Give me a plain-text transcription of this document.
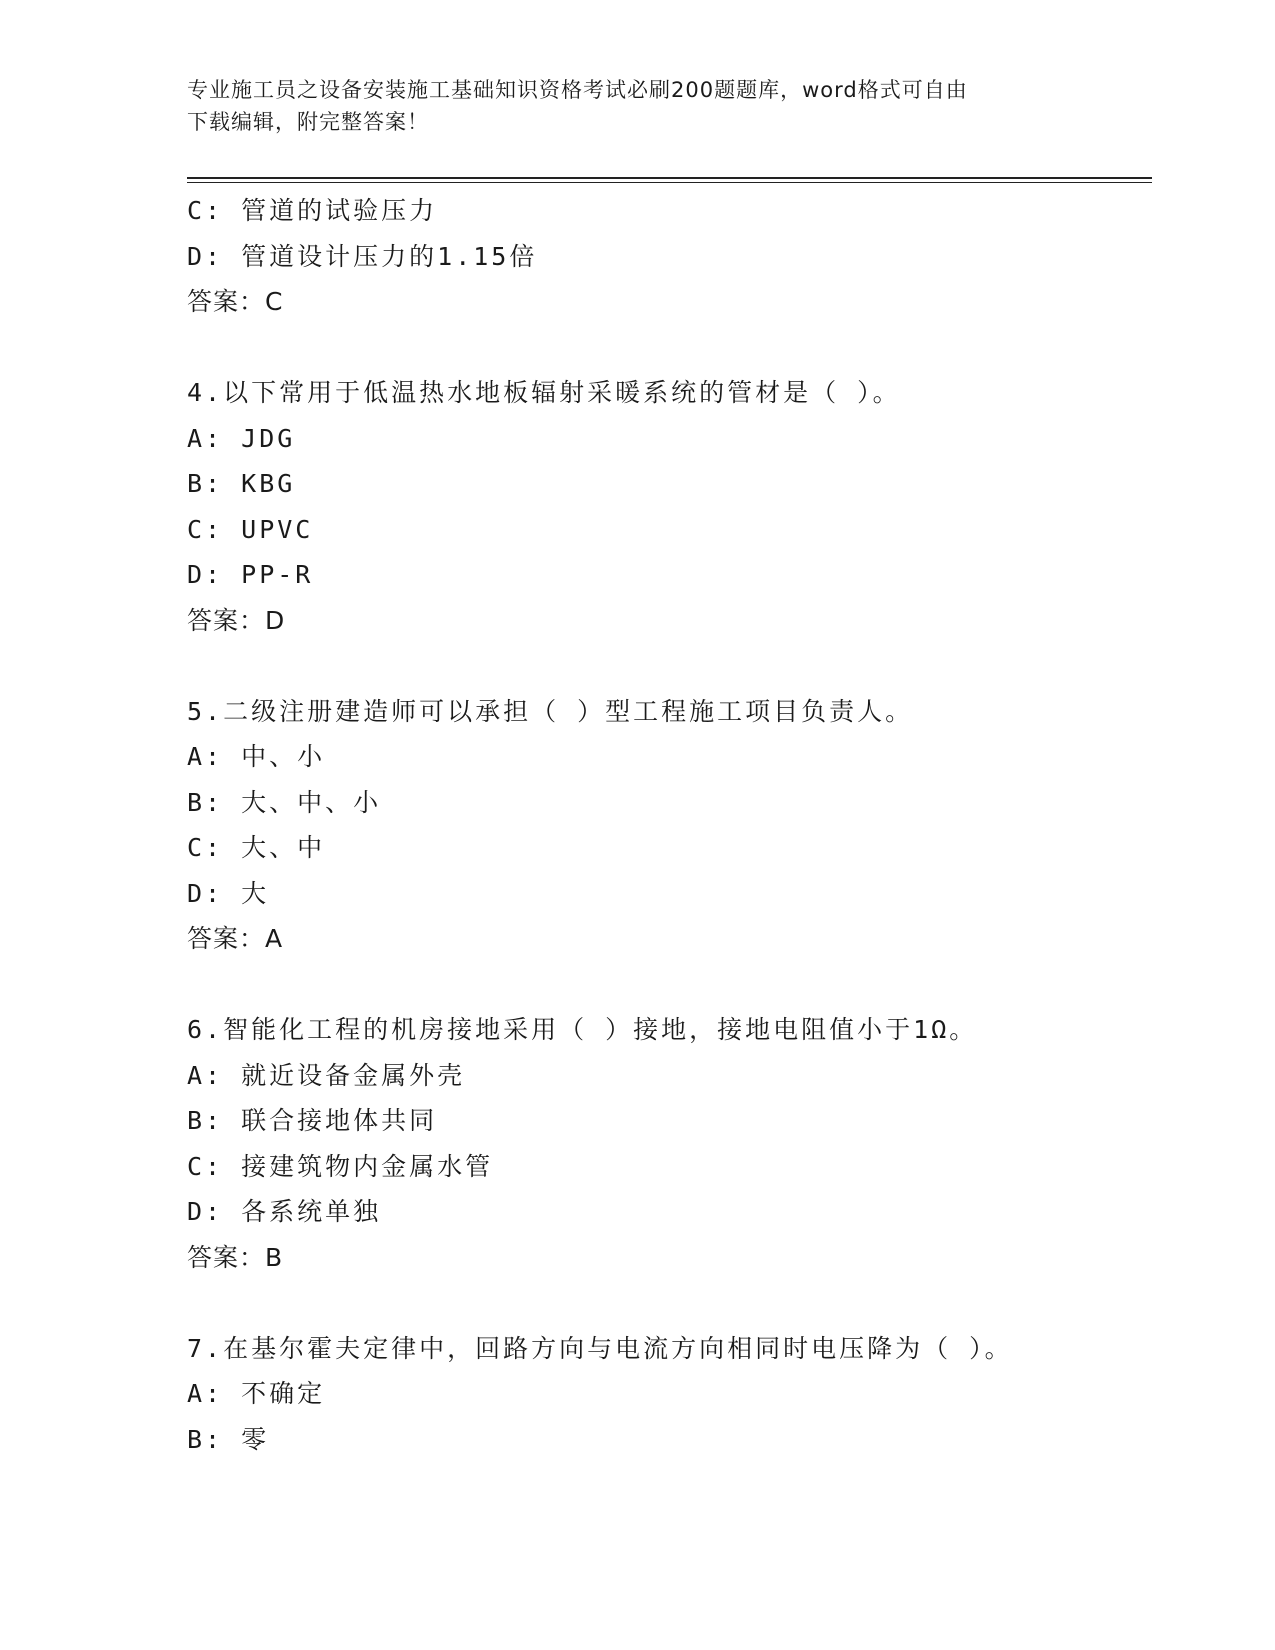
专业施工员之设备安装施工基础知识资格考试必刷200题题库，word格式可自由
下载编辑，附完整答案！
C: 管道的试验压力
D: 管道设计压力的1.15倍
答案：C
4.以下常用于低温热水地板辐射采暖系统的管材是（ ）。
A: JDG
B: KBG
C: UPVC
D: PP-R
答案：D
5.二级注册建造师可以承担（ ）型工程施工项目负责人。
A: 中、小
B: 大、中、小
C: 大、中
D: 大
答案：A
6.智能化工程的机房接地采用（ ）接地，接地电阻值小于1Ω。
A: 就近设备金属外壳
B: 联合接地体共同
C: 接建筑物内金属水管
D: 各系统单独
答案：B
7.在基尔霍夫定律中，回路方向与电流方向相同时电压降为（ ）。
A: 不确定
B: 零
